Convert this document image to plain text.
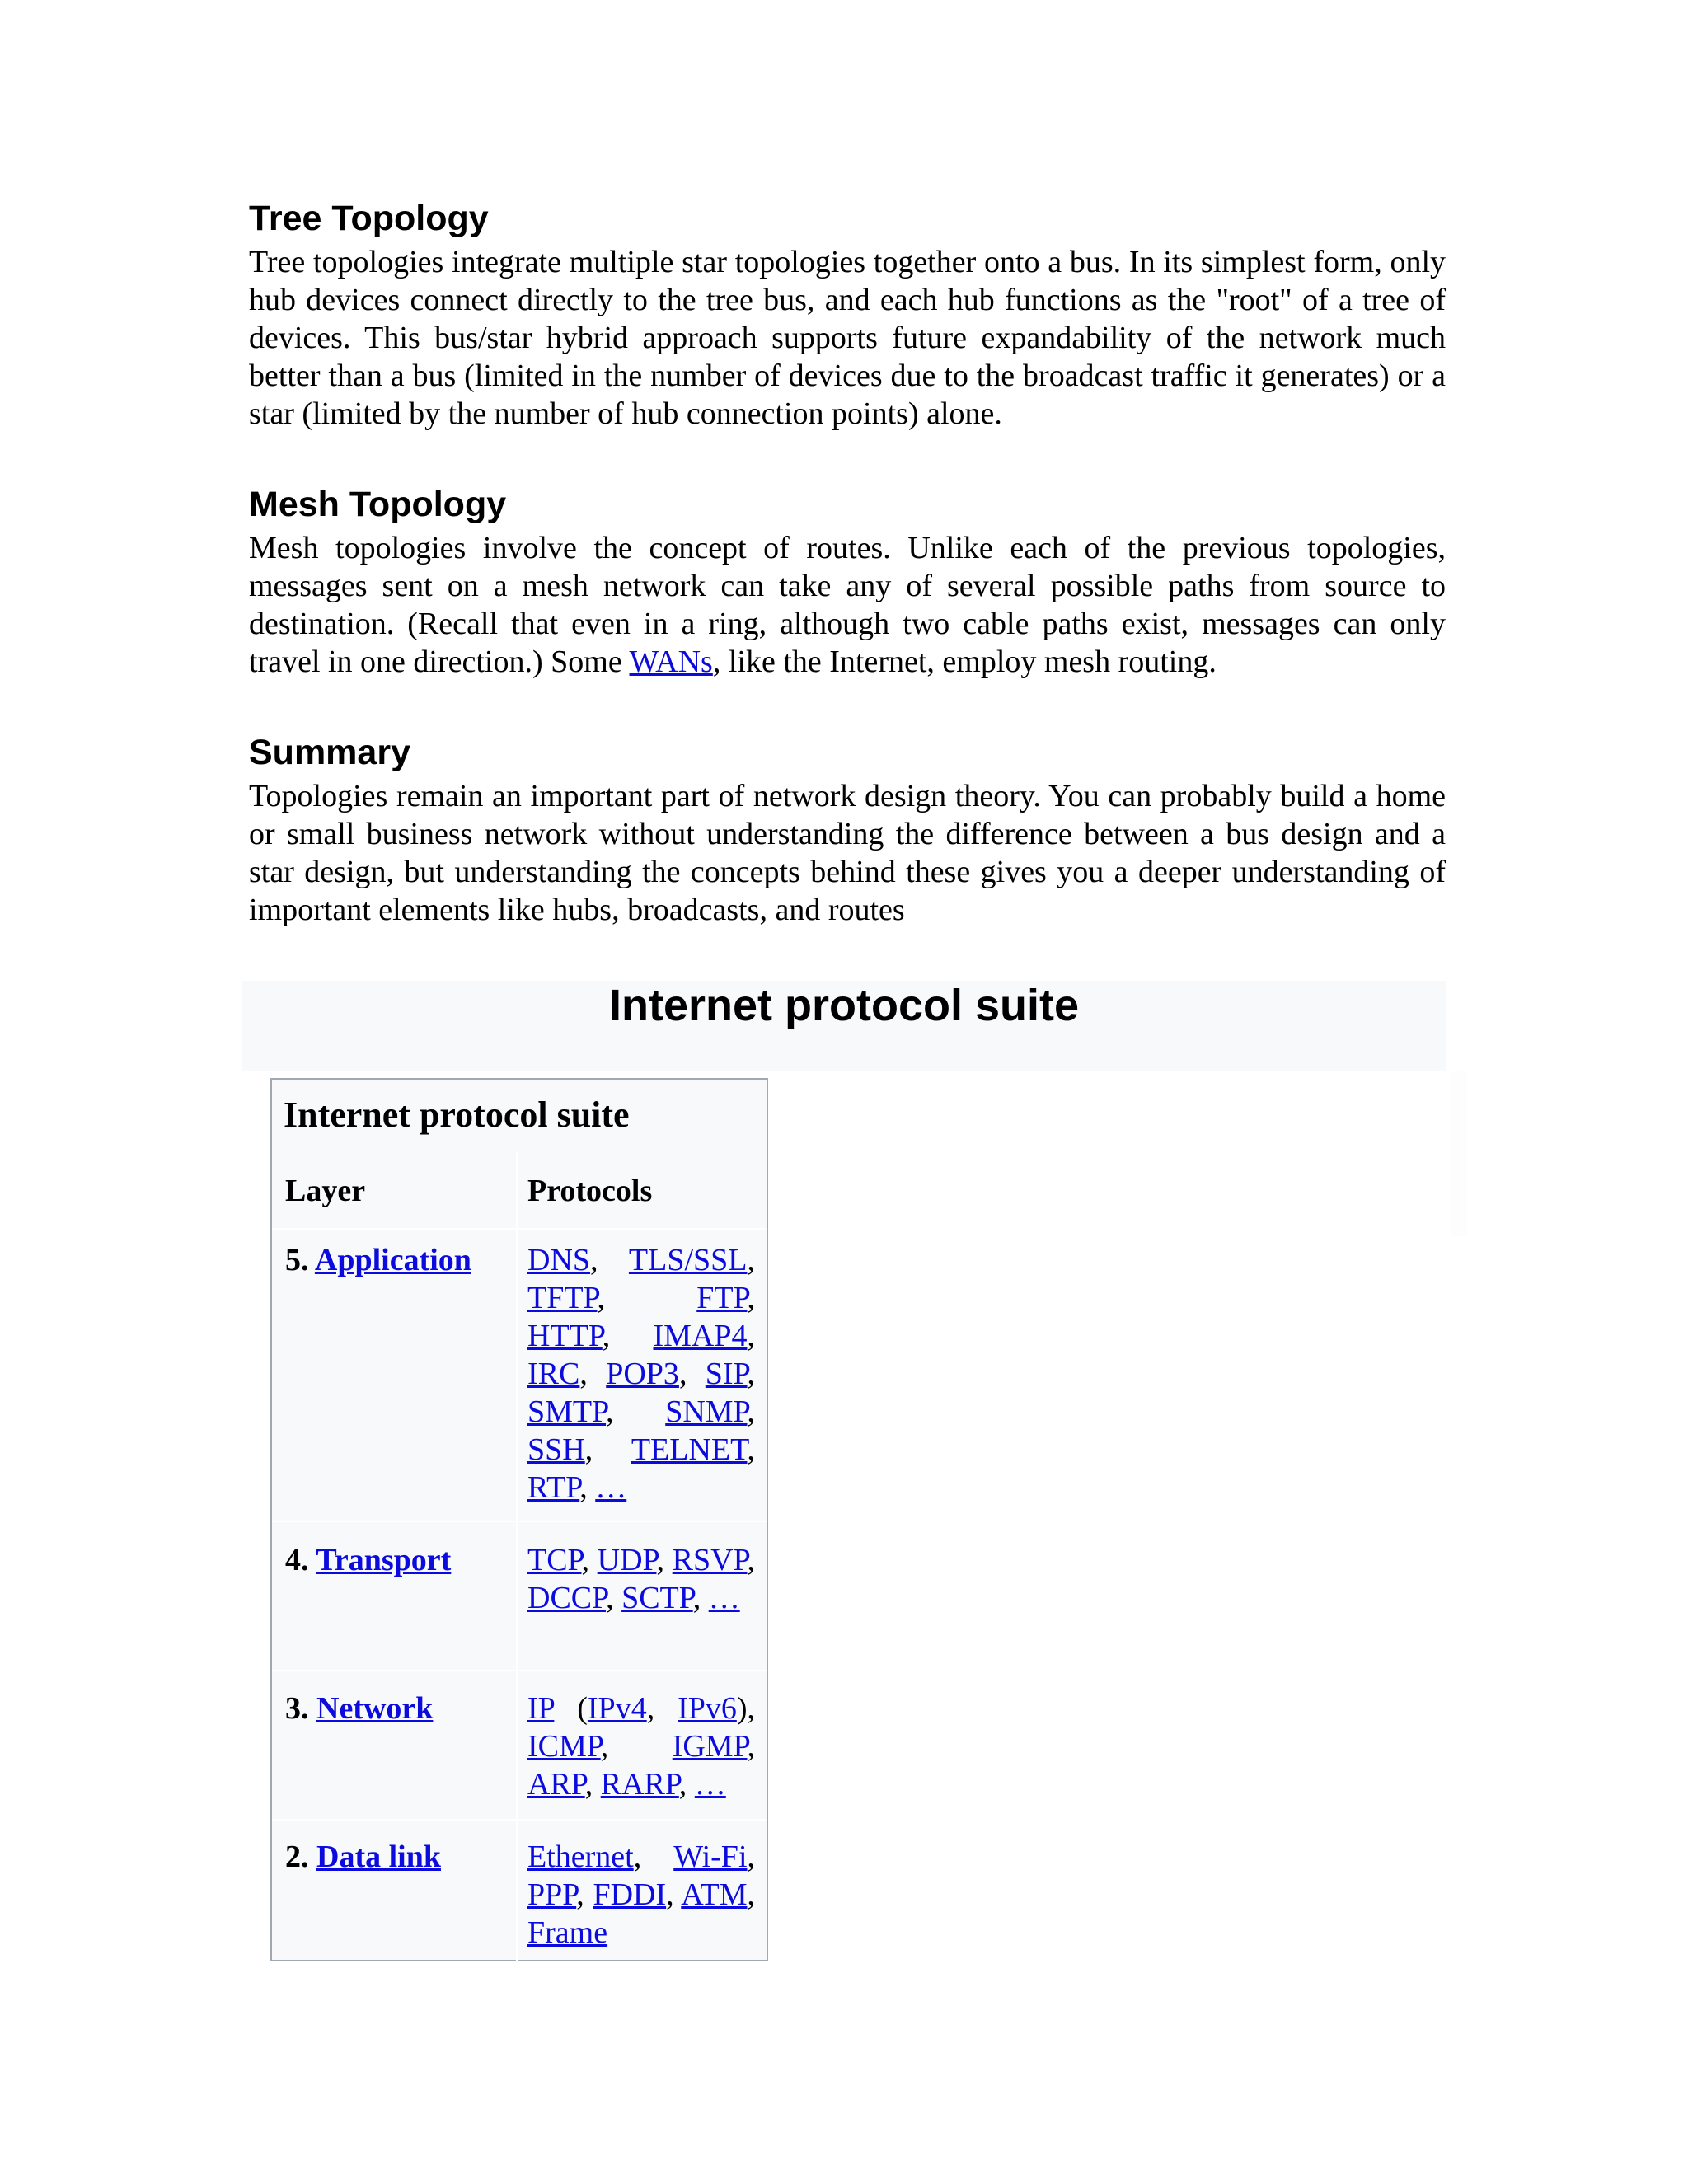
Tree Topology

Tree topologies integrate multiple star topologies together onto a bus. In its simplest form, only hub devices connect directly to the tree bus, and each hub functions as the "root" of a tree of devices. This bus/star hybrid approach supports future expandability of the network much better than a bus (limited in the number of devices due to the broadcast traffic it generates) or a star (limited by the number of hub connection points) alone.

Mesh Topology

Mesh topologies involve the concept of routes. Unlike each of the previous topologies, messages sent on a mesh network can take any of several possible paths from source to destination. (Recall that even in a ring, although two cable paths exist, messages can only travel in one direction.) Some WANs, like the Internet, employ mesh routing.

Summary

Topologies remain an important part of network design theory. You can probably build a home or small business network without understanding the difference between a bus design and a star design, but understanding the concepts behind these gives you a deeper understanding of important elements like hubs, broadcasts, and routes

Internet protocol suite
Internet protocol suite
Layer	Protocols
5. Application	DNS, TLS/SSL, TFTP, FTP, HTTP, IMAP4, IRC, POP3, SIP, SMTP, SNMP, SSH, TELNET, RTP, …
4. Transport	TCP, UDP, RSVP, DCCP, SCTP, …
3. Network	IP (IPv4, IPv6), ICMP, IGMP, ARP, RARP, …
2. Data link	Ethernet, Wi-Fi, PPP, FDDI, ATM, Frame
